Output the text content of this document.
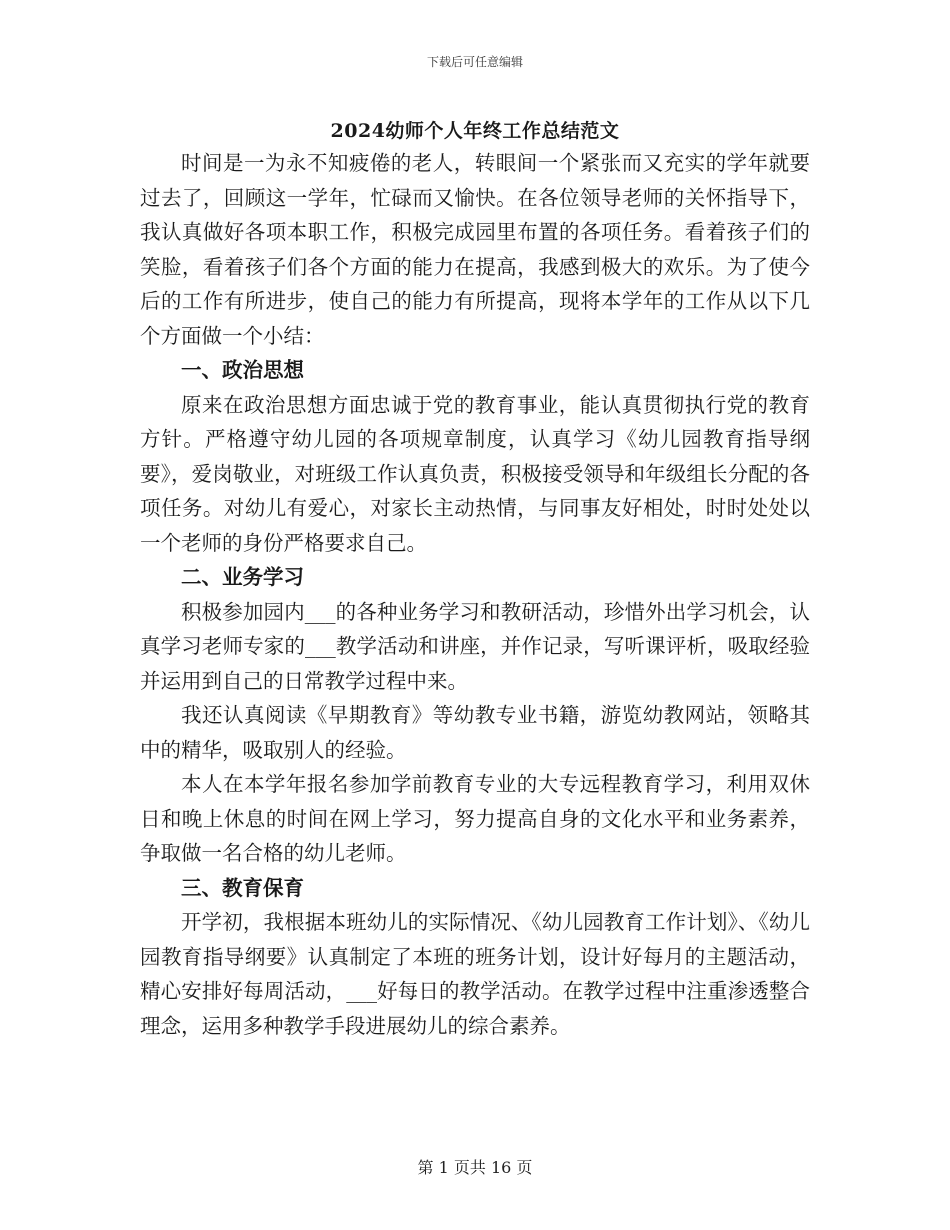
下载后可任意编辑
2024幼师个人年终工作总结范文

时间是一为永不知疲倦的老人，转眼间一个紧张而又充实的学年就要过去了，回顾这一学年，忙碌而又愉快。在各位领导老师的关怀指导下，我认真做好各项本职工作，积极完成园里布置的各项任务。看着孩子们的笑脸，看着孩子们各个方面的能力在提高，我感到极大的欢乐。为了使今后的工作有所进步，使自己的能力有所提高，现将本学年的工作从以下几个方面做一个小结：

一、政治思想

原来在政治思想方面忠诚于党的教育事业，能认真贯彻执行党的教育方针。严格遵守幼儿园的各项规章制度，认真学习《幼儿园教育指导纲要》，爱岗敬业，对班级工作认真负责，积极接受领导和年级组长分配的各项任务。对幼儿有爱心，对家长主动热情，与同事友好相处，时时处处以一个老师的身份严格要求自己。

二、业务学习

积极参加园内___的各种业务学习和教研活动，珍惜外出学习机会，认真学习老师专家的___教学活动和讲座，并作记录，写听课评析，吸取经验并运用到自己的日常教学过程中来。

我还认真阅读《早期教育》等幼教专业书籍，游览幼教网站，领略其中的精华，吸取别人的经验。

本人在本学年报名参加学前教育专业的大专远程教育学习，利用双休日和晚上休息的时间在网上学习，努力提高自身的文化水平和业务素养，争取做一名合格的幼儿老师。

三、教育保育

开学初，我根据本班幼儿的实际情况、《幼儿园教育工作计划》、《幼儿园教育指导纲要》认真制定了本班的班务计划，设计好每月的主题活动，精心安排好每周活动，___好每日的教学活动。在教学过程中注重渗透整合理念，运用多种教学手段进展幼儿的综合素养。

第 1 页共 16 页
